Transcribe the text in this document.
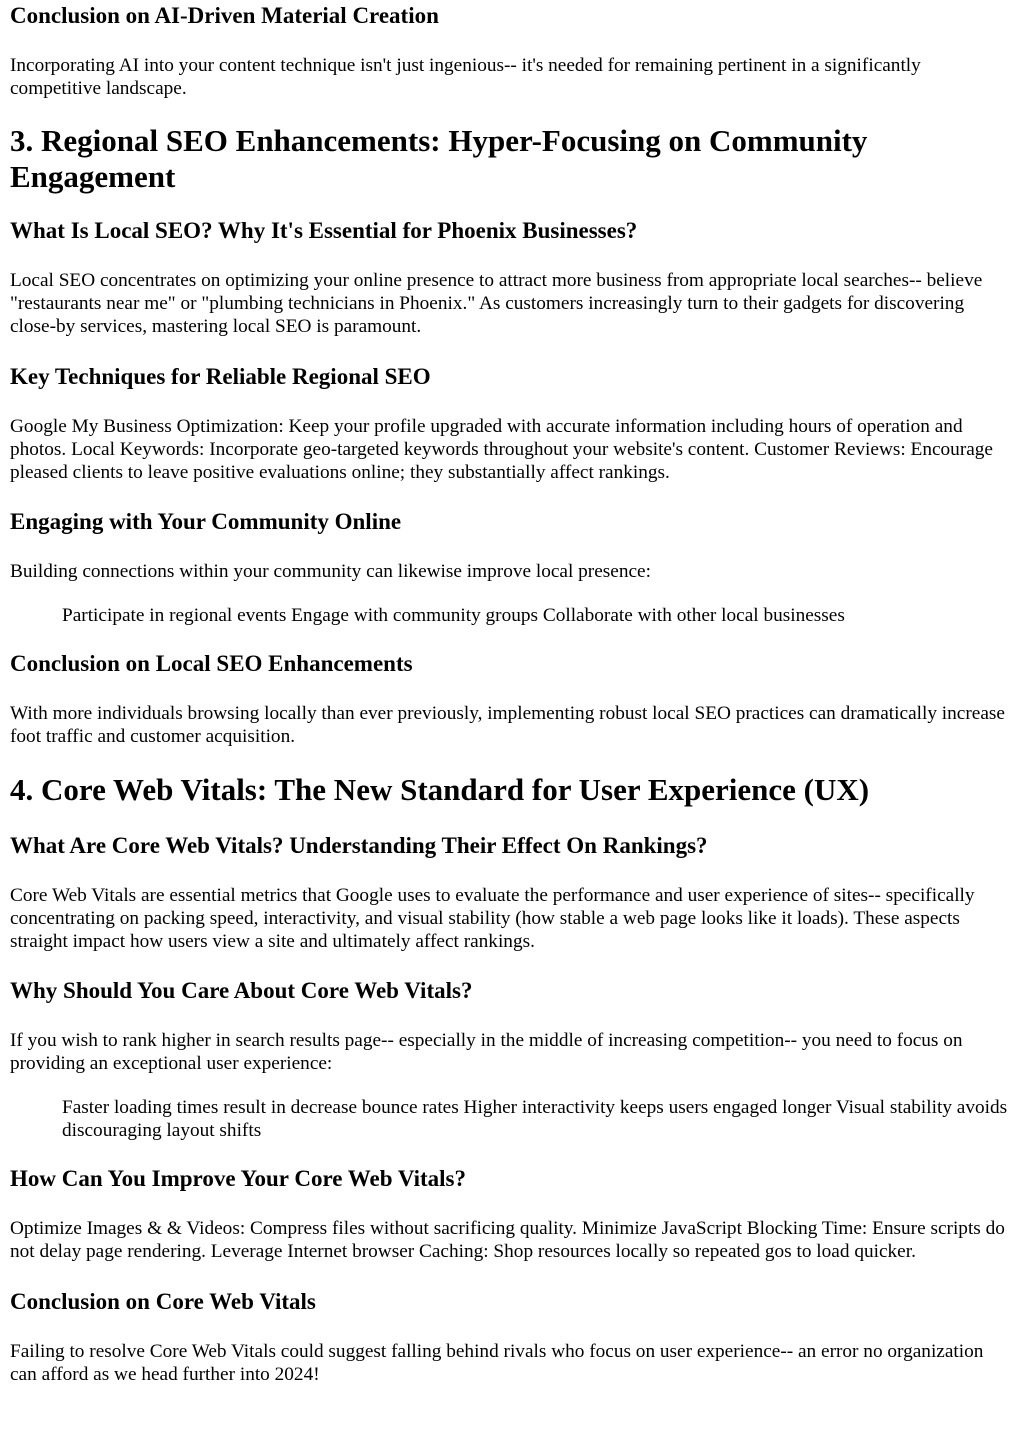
Conclusion on AI-Driven Material Creation

Incorporating AI into your content technique isn't just ingenious-- it's needed for remaining pertinent in a significantly competitive landscape.

3. Regional SEO Enhancements: Hyper-Focusing on Community Engagement
What Is Local SEO? Why It's Essential for Phoenix Businesses?

Local SEO concentrates on optimizing your online presence to attract more business from appropriate local searches-- believe "restaurants near me" or "plumbing technicians in Phoenix." As customers increasingly turn to their gadgets for discovering close-by services, mastering local SEO is paramount.

Key Techniques for Reliable Regional SEO

Google My Business Optimization: Keep your profile upgraded with accurate information including hours of operation and photos. Local Keywords: Incorporate geo-targeted keywords throughout your website's content. Customer Reviews: Encourage pleased clients to leave positive evaluations online; they substantially affect rankings.

Engaging with Your Community Online

Building connections within your community can likewise improve local presence:

Participate in regional events Engage with community groups Collaborate with other local businesses

Conclusion on Local SEO Enhancements

With more individuals browsing locally than ever previously, implementing robust local SEO practices can dramatically increase foot traffic and customer acquisition.

4. Core Web Vitals: The New Standard for User Experience (UX)
What Are Core Web Vitals? Understanding Their Effect On Rankings?

Core Web Vitals are essential metrics that Google uses to evaluate the performance and user experience of sites-- specifically concentrating on packing speed, interactivity, and visual stability (how stable a web page looks like it loads). These aspects straight impact how users view a site and ultimately affect rankings.

Why Should You Care About Core Web Vitals?

If you wish to rank higher in search results page-- especially in the middle of increasing competition-- you need to focus on providing an exceptional user experience:

Faster loading times result in decrease bounce rates Higher interactivity keeps users engaged longer Visual stability avoids discouraging layout shifts

How Can You Improve Your Core Web Vitals?

Optimize Images & & Videos: Compress files without sacrificing quality. Minimize JavaScript Blocking Time: Ensure scripts do not delay page rendering. Leverage Internet browser Caching: Shop resources locally so repeated gos to load quicker.

Conclusion on Core Web Vitals

Failing to resolve Core Web Vitals could suggest falling behind rivals who focus on user experience-- an error no organization can afford as we head further into 2024!
